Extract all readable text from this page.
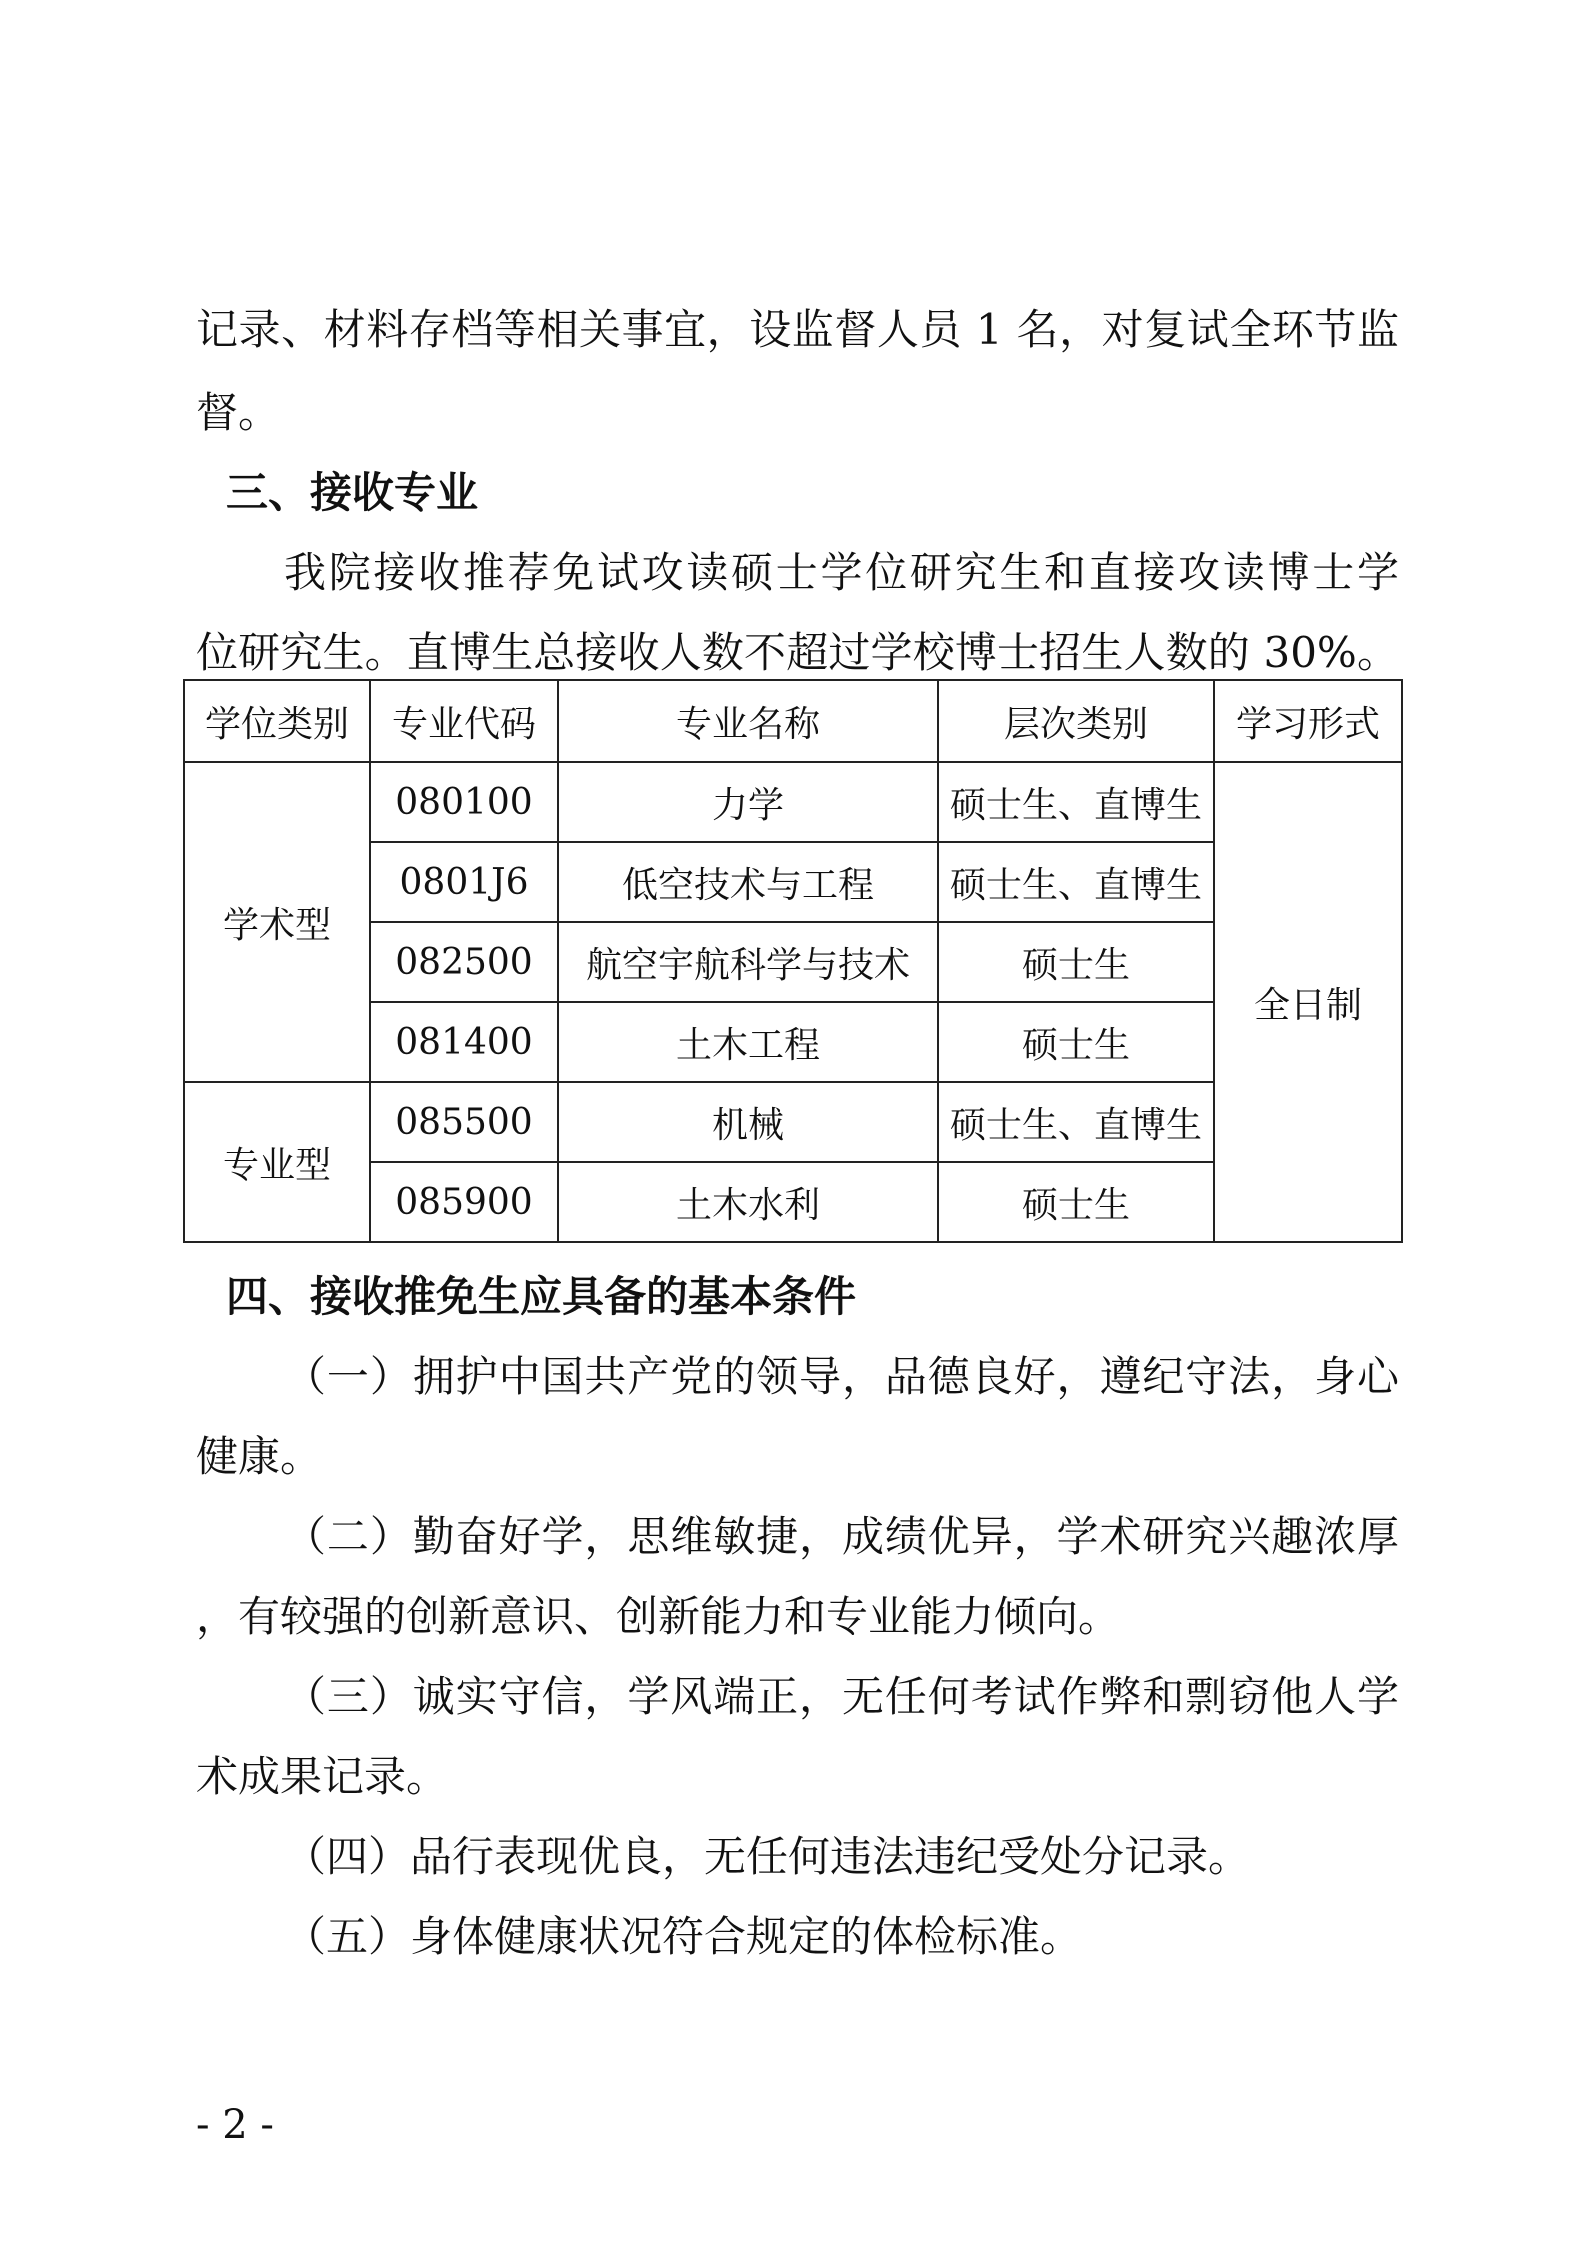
记录、材料存档等相关事宜，设监督人员 1 名，对复试全环节监
督。
三、接收专业
我院接收推荐免试攻读硕士学位研究生和直接攻读博士学
位研究生。直博生总接收人数不超过学校博士招生人数的 30%。
学位类别	专业代码	专业名称	层次类别	学习形式
学术型	080100	力学	硕士生、直博生	全日制
	0801J6	低空技术与工程	硕士生、直博生	
	082500	航空宇航科学与技术	硕士生	
	081400	土木工程	硕士生	
专业型	085500	机械	硕士生、直博生	
	085900	土木水利	硕士生	
四、接收推免生应具备的基本条件
（一）拥护中国共产党的领导，品德良好，遵纪守法，身心
健康。
（二）勤奋好学，思维敏捷，成绩优异，学术研究兴趣浓厚
，有较强的创新意识、创新能力和专业能力倾向。
（三）诚实守信，学风端正，无任何考试作弊和剽窃他人学
术成果记录。
（四）品行表现优良，无任何违法违纪受处分记录。
（五）身体健康状况符合规定的体检标准。
- 2 -
